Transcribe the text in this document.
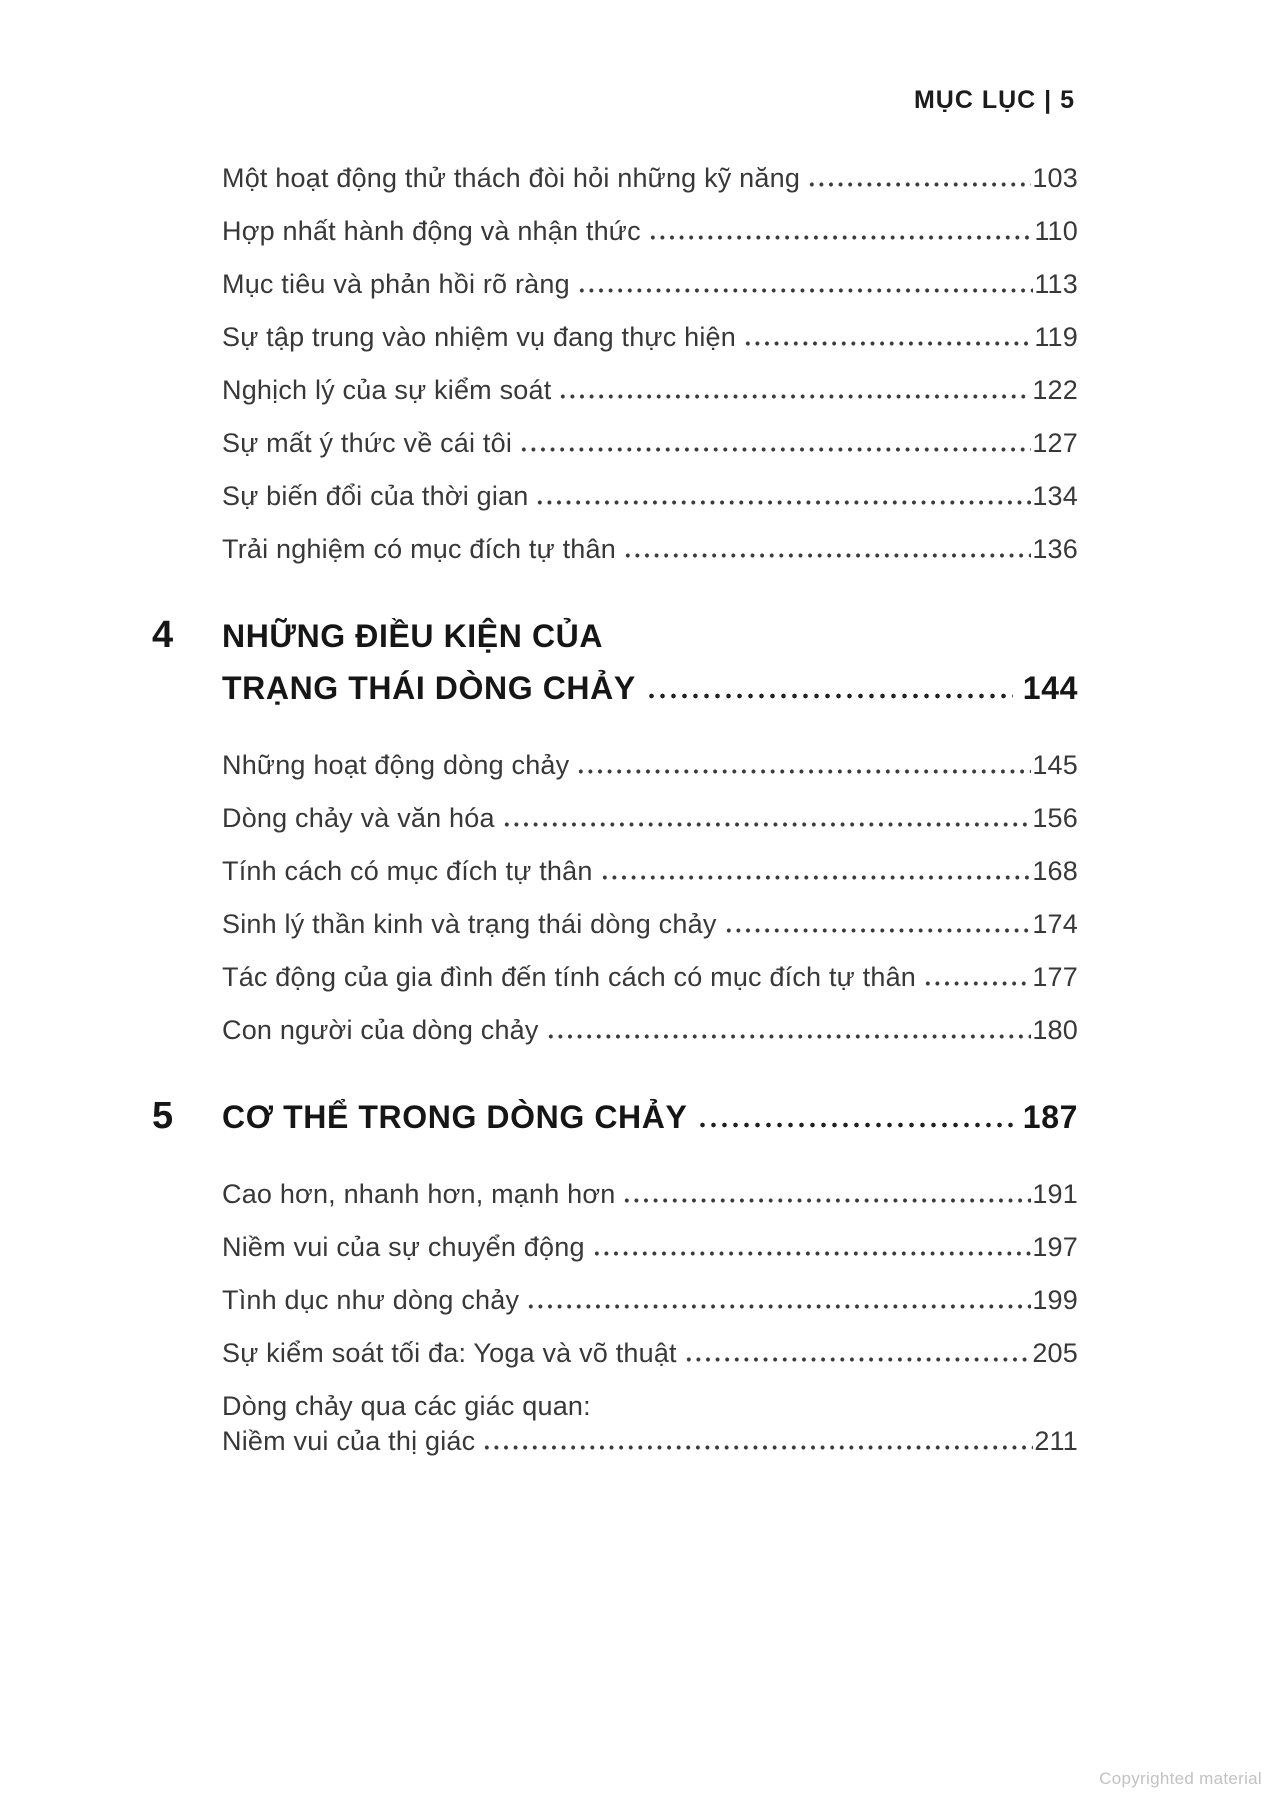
MỤC LỤC | 5
Một hoạt động thử thách đòi hỏi những kỹ năng	103
Hợp nhất hành động và nhận thức	110
Mục tiêu và phản hồi rõ ràng	113
Sự tập trung vào nhiệm vụ đang thực hiện	119
Nghịch lý của sự kiểm soát	122
Sự mất ý thức về cái tôi	127
Sự biến đổi của thời gian	134
Trải nghiệm có mục đích tự thân	136
4	NHỮNG ĐIỀU KIỆN CỦA
TRẠNG THÁI DÒNG CHẢY	144
Những hoạt động dòng chảy	145
Dòng chảy và văn hóa	156
Tính cách có mục đích tự thân	168
Sinh lý thần kinh và trạng thái dòng chảy	174
Tác động của gia đình đến tính cách có mục đích tự thân	177
Con người của dòng chảy	180
5	CƠ THỂ TRONG DÒNG CHẢY	187
Cao hơn, nhanh hơn, mạnh hơn	191
Niềm vui của sự chuyển động	197
Tình dục như dòng chảy	199
Sự kiểm soát tối đa: Yoga và võ thuật	205
Dòng chảy qua các giác quan:
Niềm vui của thị giác	211
Copyrighted material
